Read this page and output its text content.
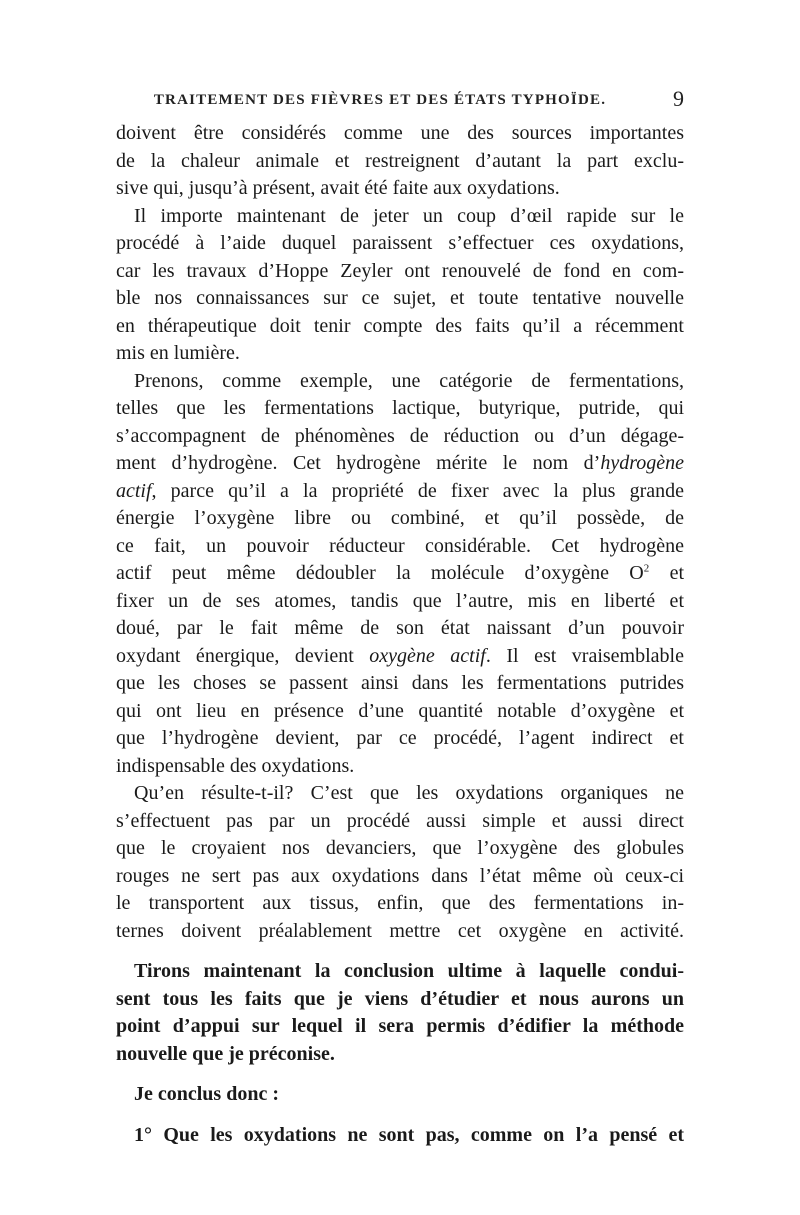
TRAITEMENT DES FIÈVRES ET DES ÉTATS TYPHOÏDE.	9
doivent être considérés comme une des sources importantes
de la chaleur animale et restreignent d’autant la part exclu-
sive qui, jusqu’à présent, avait été faite aux oxydations.
Il importe maintenant de jeter un coup d’œil rapide sur le
procédé à l’aide duquel paraissent s’effectuer ces oxydations,
car les travaux d’Hoppe Zeyler ont renouvelé de fond en com-
ble nos connaissances sur ce sujet, et toute tentative nouvelle
en thérapeutique doit tenir compte des faits qu’il a récemment
mis en lumière.
Prenons, comme exemple, une catégorie de fermentations,
telles que les fermentations lactique, butyrique, putride, qui
s’accompagnent de phénomènes de réduction ou d’un dégage-
ment d’hydrogène. Cet hydrogène mérite le nom d’hydrogène
actif, parce qu’il a la propriété de fixer avec la plus grande
énergie l’oxygène libre ou combiné, et qu’il possède, de
ce fait, un pouvoir réducteur considérable. Cet hydrogène
actif peut même dédoubler la molécule d’oxygène $O^2$ et
fixer un de ses atomes, tandis que l’autre, mis en liberté et
doué, par le fait même de son état naissant d’un pouvoir
oxydant énergique, devient oxygène actif. Il est vraisemblable
que les choses se passent ainsi dans les fermentations putrides
qui ont lieu en présence d’une quantité notable d’oxygène et
que l’hydrogène devient, par ce procédé, l’agent indirect et
indispensable des oxydations.
Qu’en résulte-t-il? C’est que les oxydations organiques ne
s’effectuent pas par un procédé aussi simple et aussi direct
que le croyaient nos devanciers, que l’oxygène des globules
rouges ne sert pas aux oxydations dans l’état même où ceux-ci
le transportent aux tissus, enfin, que des fermentations in-
ternes doivent préalablement mettre cet oxygène en activité.
Tirons maintenant la conclusion ultime à laquelle condui-
sent tous les faits que je viens d’étudier et nous aurons un
point d’appui sur lequel il sera permis d’édifier la méthode
nouvelle que je préconise.
Je conclus donc :
1° Que les oxydations ne sont pas, comme on l’a pensé et
